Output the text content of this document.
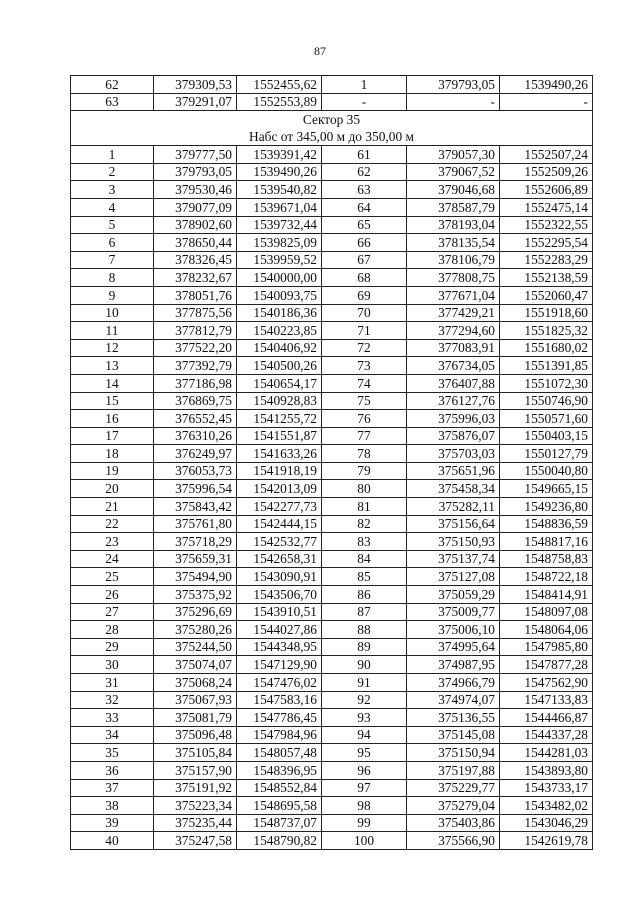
87
62	379309,53	1552455,62	1	379793,05	1539490,26
63	379291,07	1552553,89	-	-	-

Сектор 35
Набс от 345,00 м до 350,00 м					

1	379777,50	1539391,42	61	379057,30	1552507,24
2	379793,05	1539490,26	62	379067,52	1552509,26
3	379530,46	1539540,82	63	379046,68	1552606,89
4	379077,09	1539671,04	64	378587,79	1552475,14
5	378902,60	1539732,44	65	378193,04	1552322,55
6	378650,44	1539825,09	66	378135,54	1552295,54
7	378326,45	1539959,52	67	378106,79	1552283,29
8	378232,67	1540000,00	68	377808,75	1552138,59
9	378051,76	1540093,75	69	377671,04	1552060,47
10	377875,56	1540186,36	70	377429,21	1551918,60
11	377812,79	1540223,85	71	377294,60	1551825,32
12	377522,20	1540406,92	72	377083,91	1551680,02
13	377392,79	1540500,26	73	376734,05	1551391,85
14	377186,98	1540654,17	74	376407,88	1551072,30
15	376869,75	1540928,83	75	376127,76	1550746,90
16	376552,45	1541255,72	76	375996,03	1550571,60
17	376310,26	1541551,87	77	375876,07	1550403,15
18	376249,97	1541633,26	78	375703,03	1550127,79
19	376053,73	1541918,19	79	375651,96	1550040,80
20	375996,54	1542013,09	80	375458,34	1549665,15
21	375843,42	1542277,73	81	375282,11	1549236,80
22	375761,80	1542444,15	82	375156,64	1548836,59
23	375718,29	1542532,77	83	375150,93	1548817,16
24	375659,31	1542658,31	84	375137,74	1548758,83
25	375494,90	1543090,91	85	375127,08	1548722,18
26	375375,92	1543506,70	86	375059,29	1548414,91
27	375296,69	1543910,51	87	375009,77	1548097,08
28	375280,26	1544027,86	88	375006,10	1548064,06
29	375244,50	1544348,95	89	374995,64	1547985,80
30	375074,07	1547129,90	90	374987,95	1547877,28
31	375068,24	1547476,02	91	374966,79	1547562,90
32	375067,93	1547583,16	92	374974,07	1547133,83
33	375081,79	1547786,45	93	375136,55	1544466,87
34	375096,48	1547984,96	94	375145,08	1544337,28
35	375105,84	1548057,48	95	375150,94	1544281,03
36	375157,90	1548396,95	96	375197,88	1543893,80
37	375191,92	1548552,84	97	375229,77	1543733,17
38	375223,34	1548695,58	98	375279,04	1543482,02
39	375235,44	1548737,07	99	375403,86	1543046,29
40	375247,58	1548790,82	100	375566,90	1542619,78
